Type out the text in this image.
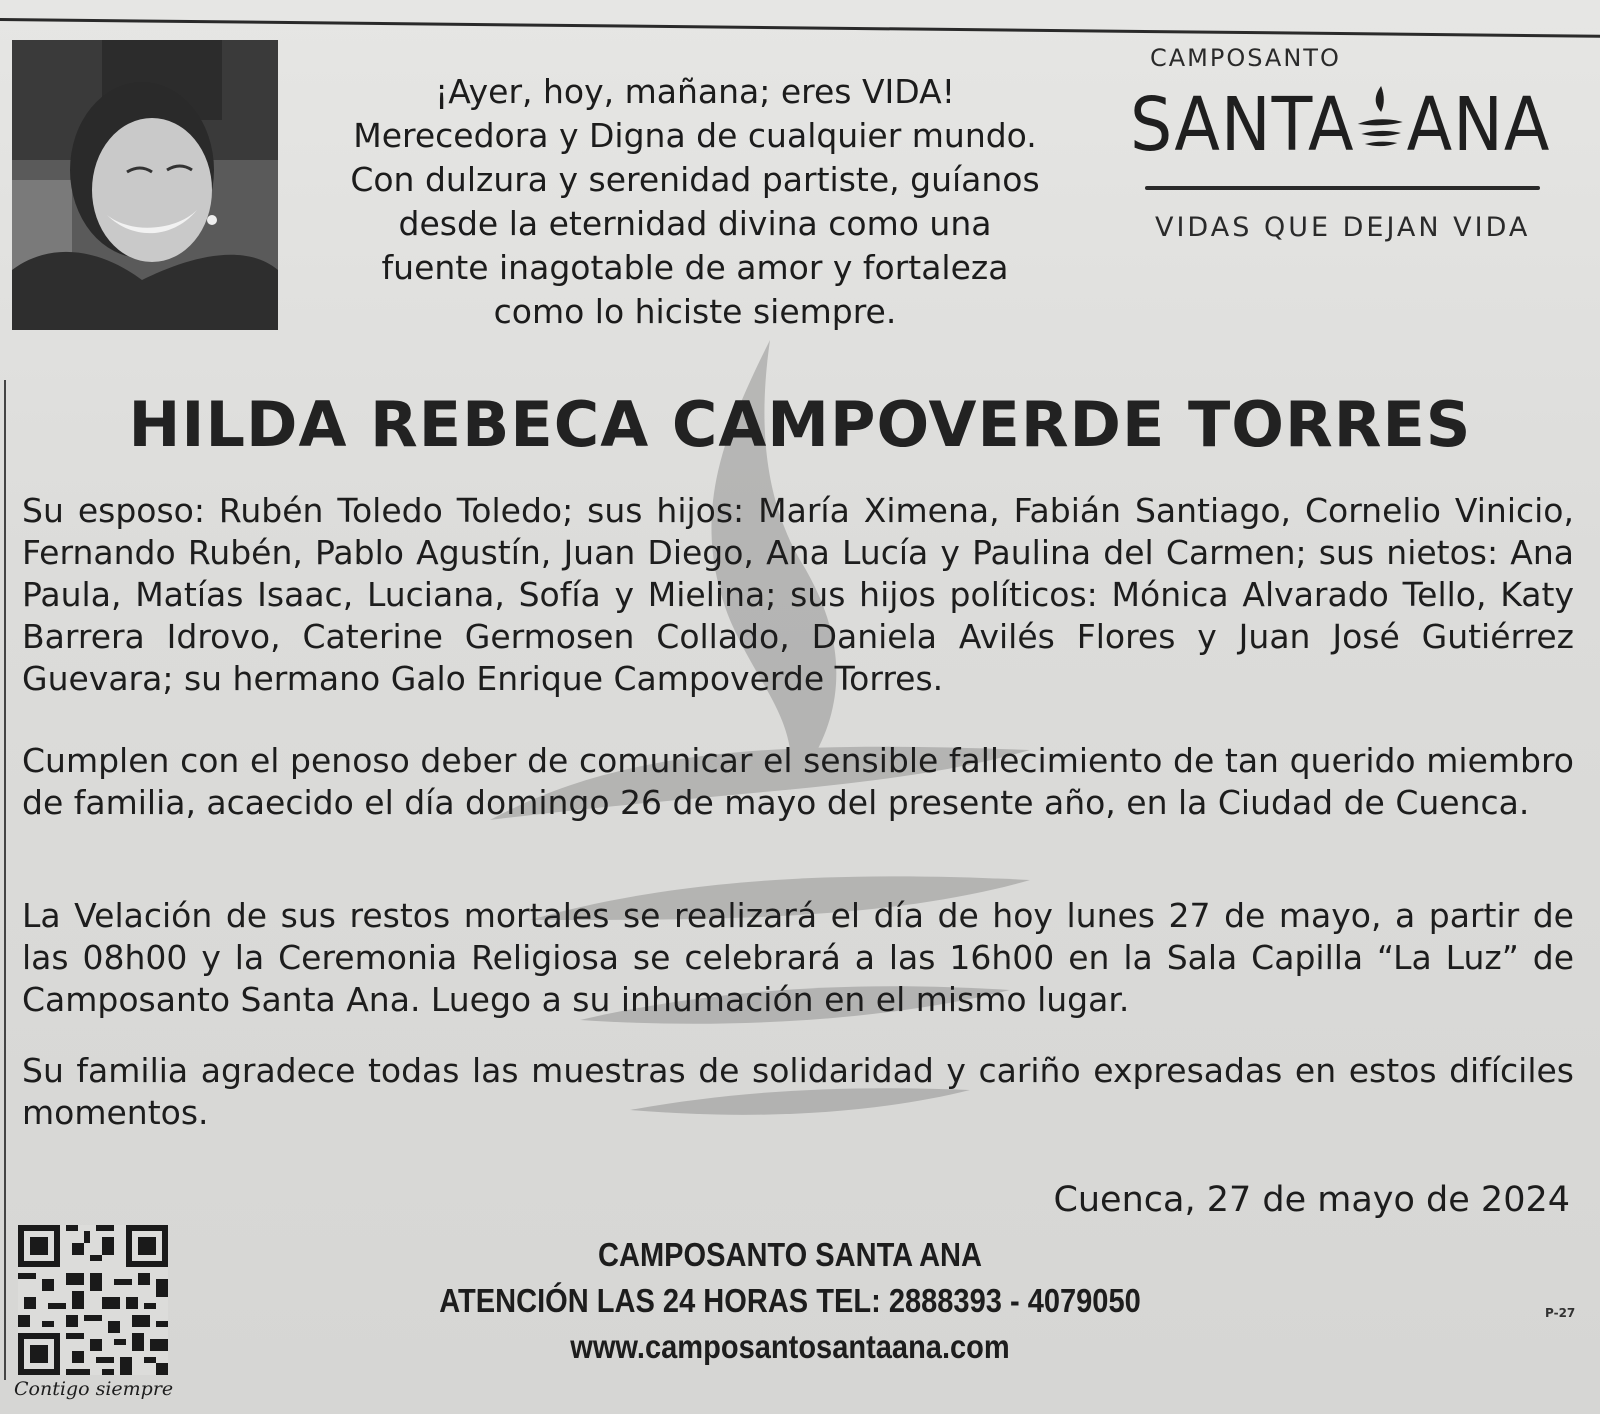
¡Ayer, hoy, mañana; eres VIDA!
Merecedora y Digna de cualquier mundo.
Con dulzura y serenidad partiste, guíanos
desde la eternidad divina como una
fuente inagotable de amor y fortaleza
como lo hiciste siempre.
CAMPOSANTO
SANTA ANA
VIDAS QUE DEJAN VIDA
HILDA REBECA CAMPOVERDE TORRES
Su esposo: Rubén Toledo Toledo; sus hijos: María Ximena, Fabián Santiago, Cornelio Vinicio, Fernando Rubén, Pablo Agustín, Juan Diego, Ana Lucía y Paulina del Carmen; sus nietos: Ana Paula, Matías Isaac, Luciana, Sofía y Mielina; sus hijos políticos: Mónica Alvarado Tello, Katy Barrera Idrovo, Caterine Germosen Collado, Daniela Avilés Flores y Juan José Gutiérrez Guevara; su hermano Galo Enrique Campoverde Torres.
Cumplen con el penoso deber de comunicar el sensible fallecimiento de tan querido miembro de familia, acaecido el día domingo 26 de mayo del presente año, en la Ciudad de Cuenca.
La Velación de sus restos mortales se realizará el día de hoy lunes 27 de mayo, a partir de las 08h00 y la Ceremonia Religiosa se celebrará a las 16h00 en la Sala Capilla “La Luz” de Camposanto Santa Ana. Luego a su inhumación en el mismo lugar.
Su familia agradece todas las muestras de solidaridad y cariño expresadas en estos difíciles momentos.
Cuenca, 27 de mayo de 2024
CAMPOSANTO SANTA ANA
ATENCIÓN LAS 24 HORAS TEL: 2888393 - 4079050
www.camposantosantaana.com
P-27
Contigo siempre
